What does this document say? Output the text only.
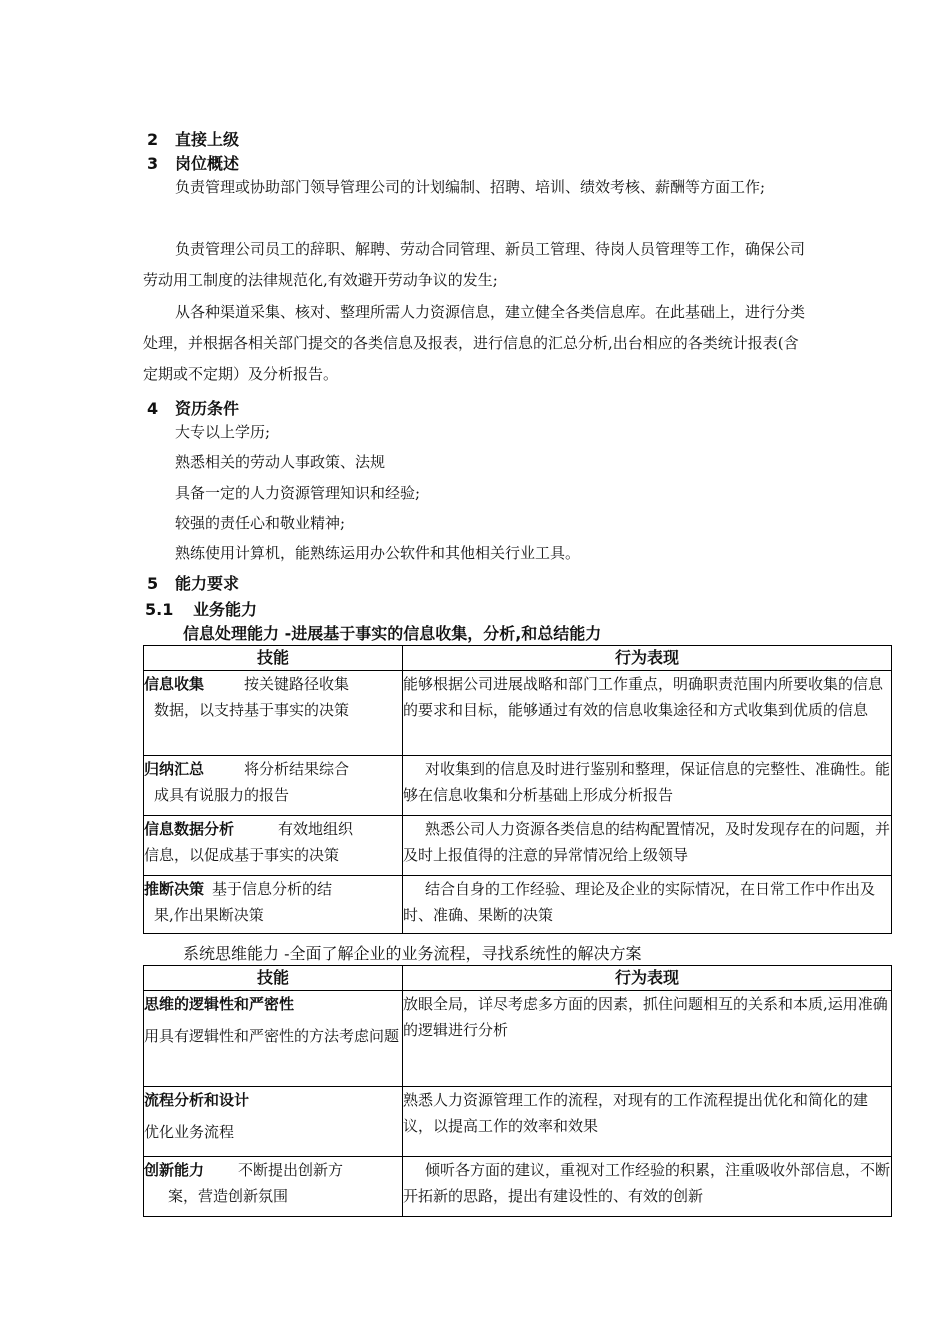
2 直接上级
3 岗位概述
负责管理或协助部门领导管理公司的计划编制、招聘、培训、绩效考核、薪酬等方面工作;
负责管理公司员工的辞职、解聘、劳动合同管理、新员工管理、待岗人员管理等工作，确保公司劳动用工制度的法律规范化,有效避开劳动争议的发生;
从各种渠道采集、核对、整理所需人力资源信息，建立健全各类信息库。在此基础上，进行分类处理，并根据各相关部门提交的各类信息及报表，进行信息的汇总分析,出台相应的各类统计报表(含定期或不定期）及分析报告。
4 资历条件
大专以上学历;
熟悉相关的劳动人事政策、法规
具备一定的人力资源管理知识和经验;
较强的责任心和敬业精神;
熟练使用计算机，能熟练运用办公软件和其他相关行业工具。
5 能力要求
5.1 业务能力
信息处理能力 -进展基于事实的信息收集，分析,和总结能力
技能	行为表现

信息收集 按关键路径收集
数据，以支持基于事实的决策	能够根据公司进展战略和部门工作重点，明确职责范围内所要收集的信息的要求和目标，能够通过有效的信息收集途径和方式收集到优质的信息

归纳汇总 将分析结果综合
成具有说服力的报告	对收集到的信息及时进行鉴别和整理，保证信息的完整性、准确性。能够在信息收集和分析基础上形成分析报告

信息数据分析 有效地组织
信息，以促成基于事实的决策	熟悉公司人力资源各类信息的结构配置情况，及时发现存在的问题，并及时上报值得的注意的异常情况给上级领导

推断决策 基于信息分析的结
果,作出果断决策	结合自身的工作经验、理论及企业的实际情况，在日常工作中作出及时、准确、果断的决策
系统思维能力 -全面了解企业的业务流程，寻找系统性的解决方案
技能	行为表现

思维的逻辑性和严密性
用具有逻辑性和严密性的方法考虑问题	放眼全局，详尽考虑多方面的因素，抓住问题相互的关系和本质,运用准确的逻辑进行分析

流程分析和设计
优化业务流程	熟悉人力资源管理工作的流程，对现有的工作流程提出优化和简化的建议，以提高工作的效率和效果

创新能力 不断提出创新方
案，营造创新氛围	倾听各方面的建议，重视对工作经验的积累，注重吸收外部信息，不断开拓新的思路，提出有建设性的、有效的创新
